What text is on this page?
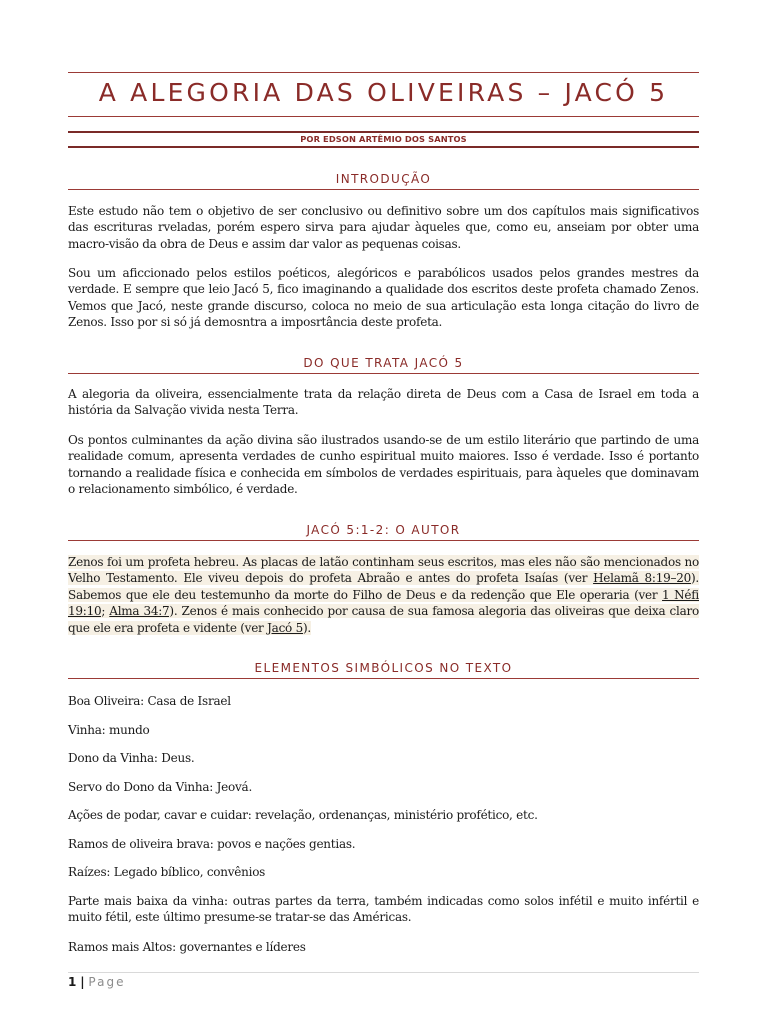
A ALEGORIA DAS OLIVEIRAS – JACÓ 5
POR EDSON ARTÊMIO DOS SANTOS
INTRODUÇÃO
Este estudo não tem o objetivo de ser conclusivo ou definitivo sobre um dos capítulos mais significativos das escrituras rveladas, porém espero sirva para ajudar àqueles que, como eu, anseiam por obter uma macro-visão da obra de Deus e assim dar valor as pequenas coisas.
Sou um aficcionado pelos estilos poéticos, alegóricos e parabólicos usados pelos grandes mestres da verdade. E sempre que leio Jacó 5, fico imaginando a qualidade dos escritos deste profeta chamado Zenos. Vemos que Jacó, neste grande discurso, coloca no meio de sua articulação esta longa citação do livro de Zenos. Isso por si só já demosntra a imposrtância deste profeta.
DO QUE TRATA JACÓ 5
A alegoria da oliveira, essencialmente trata da relação direta de Deus com a Casa de Israel em toda a história da Salvação vivida nesta Terra.
Os pontos culminantes da ação divina são ilustrados usando-se de um estilo literário que partindo de uma realidade comum, apresenta verdades de cunho espiritual muito maiores. Isso é verdade. Isso é portanto tornando a realidade física e conhecida em símbolos de verdades espirituais, para àqueles que dominavam o relacionamento simbólico, é verdade.
JACÓ 5:1-2: O AUTOR
Zenos foi um profeta hebreu. As placas de latão continham seus escritos, mas eles não são mencionados no Velho Testamento. Ele viveu depois do profeta Abraão e antes do profeta Isaías (ver Helamã 8:19–20). Sabemos que ele deu testemunho da morte do Filho de Deus e da redenção que Ele operaria (ver 1 Néfi 19:10; Alma 34:7). Zenos é mais conhecido por causa de sua famosa alegoria das oliveiras que deixa claro que ele era profeta e vidente (ver Jacó 5).
ELEMENTOS SIMBÓLICOS NO TEXTO
Boa Oliveira: Casa de Israel
Vinha: mundo
Dono da Vinha: Deus.
Servo do Dono da Vinha: Jeová.
Ações de podar, cavar e cuidar: revelação, ordenanças, ministério profético, etc.
Ramos de oliveira brava: povos e nações gentias.
Raízes: Legado bíblico, convênios
Parte mais baixa da vinha: outras partes da terra, também indicadas como solos infétil e muito infértil e muito fétil, este último presume-se tratar-se das Américas.
Ramos mais Altos: governantes e líderes
1 | Page
